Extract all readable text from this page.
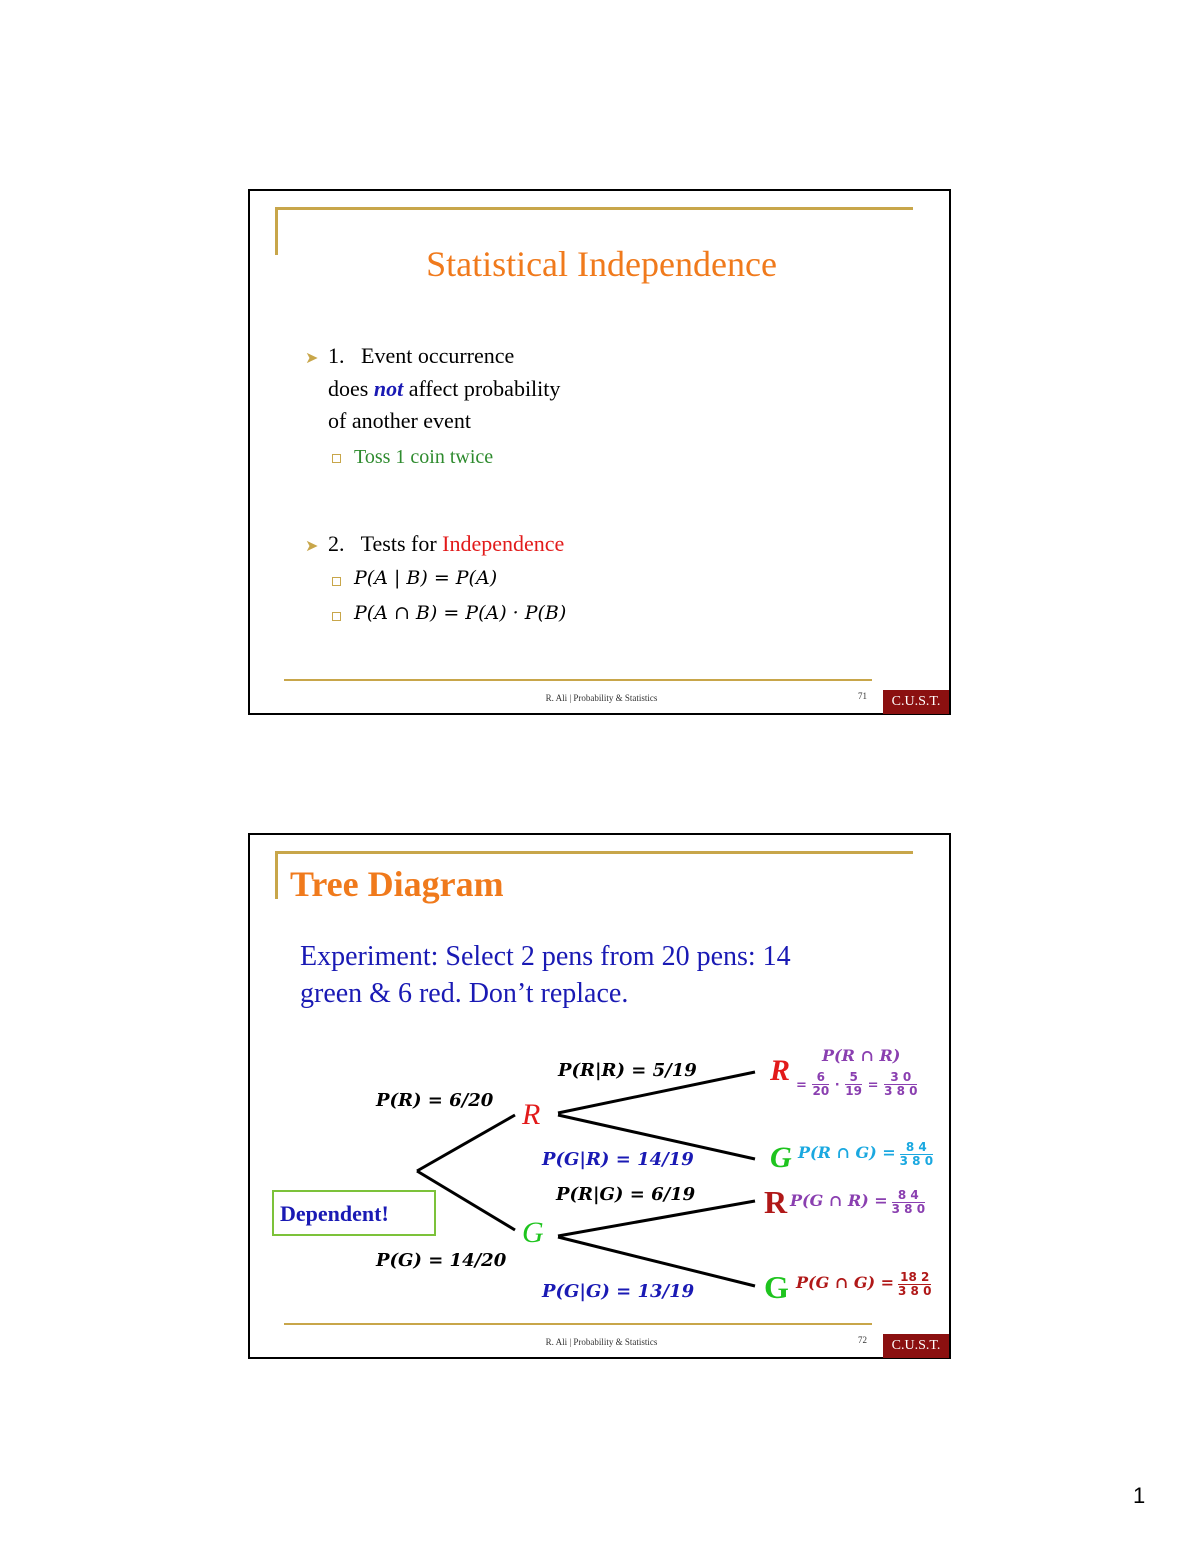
Statistical Independence
➤ 1. Event occurrence
does not affect probability
of another event
Toss 1 coin twice
➤ 2. Tests for Independence
P(A | B) = P(A)
P(A ∩ B) = P(A) · P(B)
R. Ali | Probability & Statistics	71	C.U.S.T.
Tree Diagram
Experiment: Select 2 pens from 20 pens: 14
green & 6 red. Don’t replace.
P(R) = 6/20
P(G) = 14/20
R
G
P(R|R) = 5/19
P(G|R) = 14/19
P(R|G) = 6/19
P(G|G) = 13/19
R
G
R
G
P(R ∩ R)
= $\frac{6}{20} \cdot \frac{5}{19} = \frac{3 0}{3 8 0}$
P(R ∩ $G) = \frac{8 4}{3 8 0}$
P(G ∩ $R) = \frac{8 4}{3 8 0}$
P(G ∩ $G) = \frac{18 2}{3 8 0}$
Dependent!
R. Ali | Probability & Statistics	72	C.U.S.T.
1
